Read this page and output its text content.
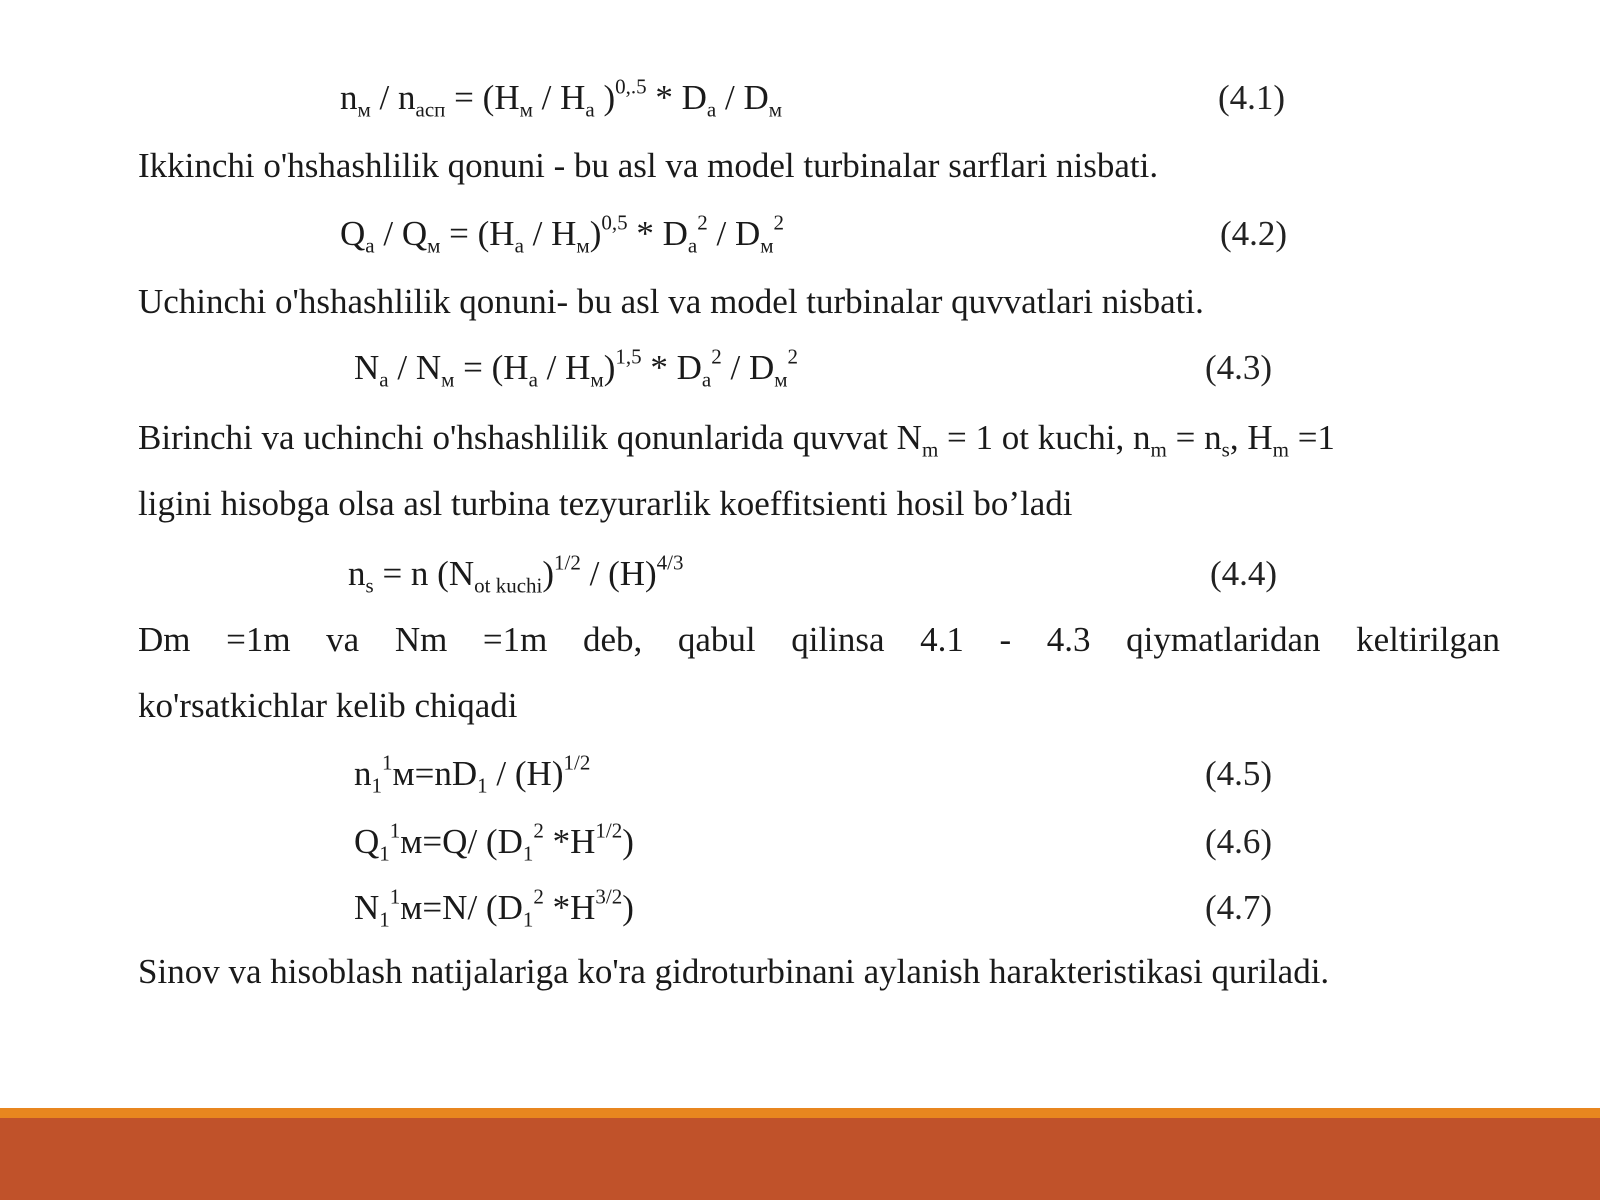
$n_м / n_{асп} = (H_м / H_a$ )$^{0,.5} * D_a / D_м$	(4.1)
Ikkinchi o'hshashlilik qonuni - bu asl va model turbinalar sarflari nisbati.
$Q_a / Q_м = (H_a / H_м)^{0,5} * D_a^2 / D_м^2$	(4.2)
Uchinchi o'hshashlilik qonuni- bu asl va model turbinalar quvvatlari nisbati.
$N_a / N_м = (H_a / H_м)^{1,5} * D_a^2 / D_м^2$	(4.3)
Birinchi va uchinchi o'hshashlilik qonunlarida quvvat $N_m = 1$ ot kuchi, $n_m = n_s$, $H_m =1$
ligini hisobga olsa asl turbina tezyurarlik koeffitsienti hosil bo’ladi
$n_s = n$ $(N_{ot kuchi})^{1/2} / (H)^{4/3}$	(4.4)
Dm =1m va Nm =1m deb, qabul qilinsa 4.1 - 4.3 qiymatlaridan keltirilgan
ko'rsatkichlar kelib chiqadi
$n_1^1м=nD_1 / (H)^{1/2}$	(4.5)
$Q_1^1м=Q/$ ($D_1^2$ $*H^{1/2}$)	(4.6)
$N_1^1м=N/$ ($D_1^2$ $*H^{3/2}$)	(4.7)
Sinov va hisoblash natijalariga ko'ra gidroturbinani aylanish harakteristikasi quriladi.
